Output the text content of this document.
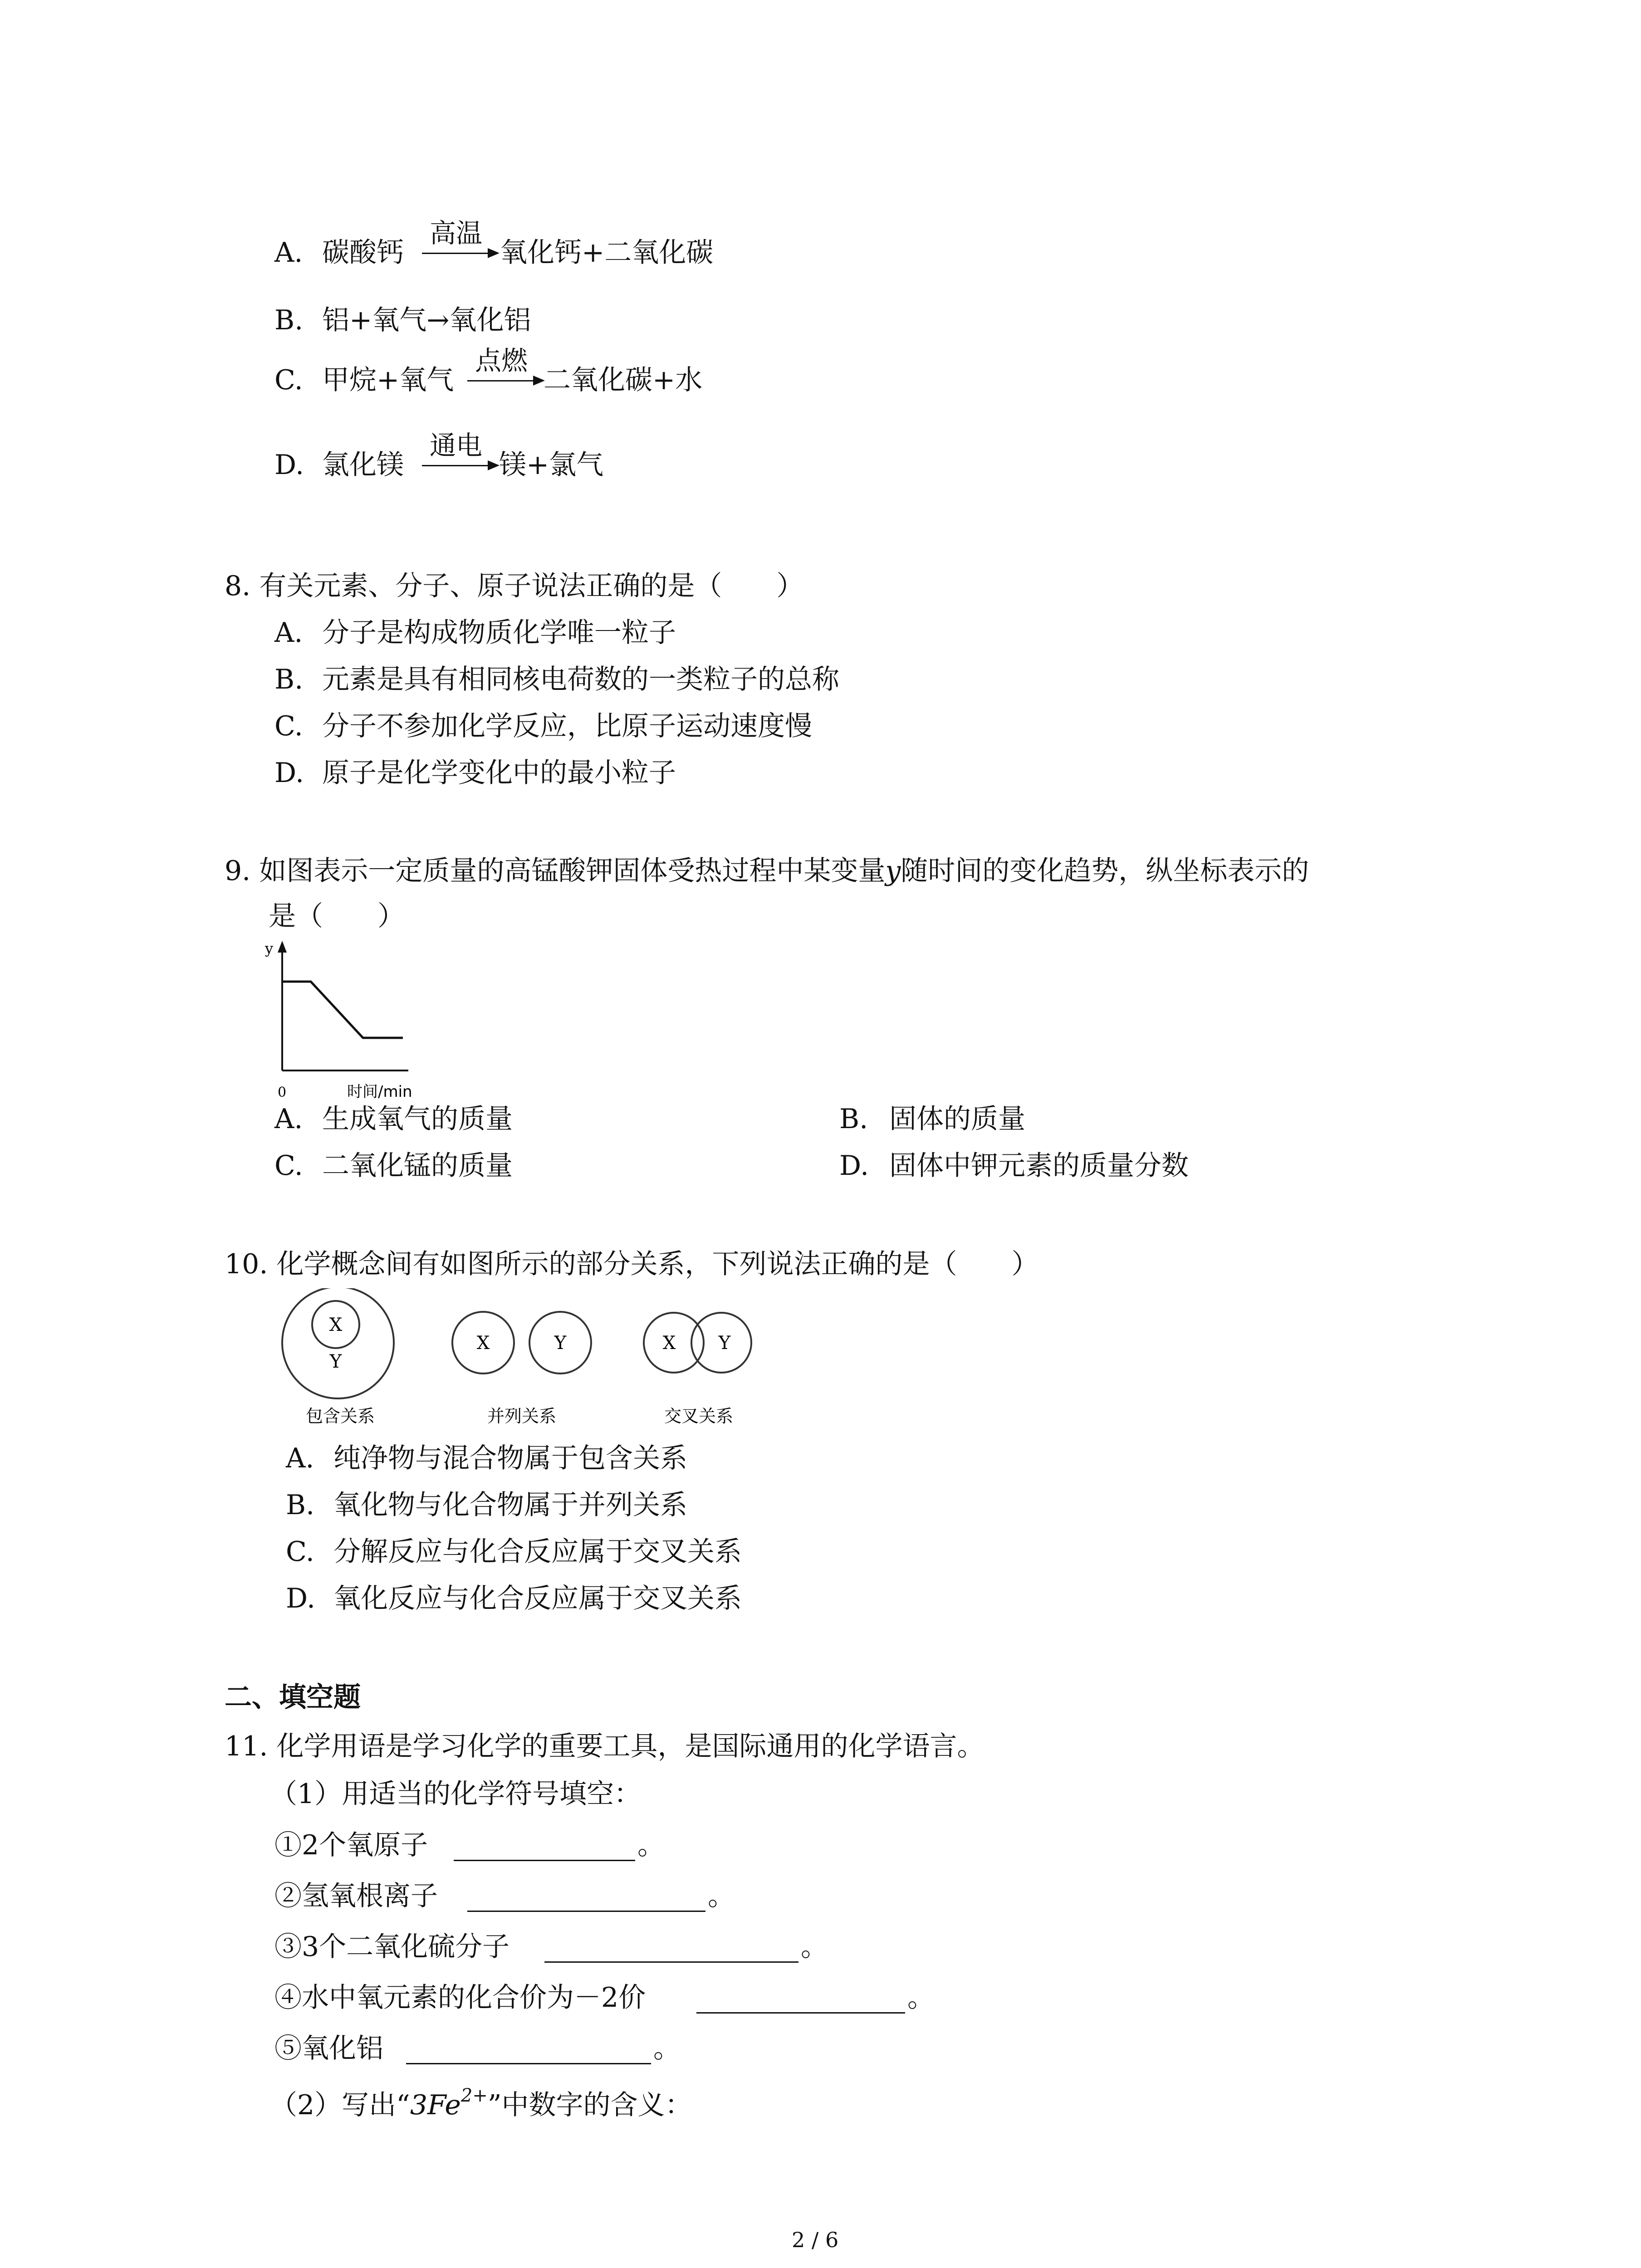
A. 碳酸钙
高温
氧化钙+二氧化碳
B. 铝+氧气→氧化铝
C. 甲烷+氧气
点燃
二氧化碳+水
D. 氯化镁
通电
镁+氯气
8. 有关元素、分子、原子说法正确的是（　　）
A. 分子是构成物质化学唯一粒子
B. 元素是具有相同核电荷数的一类粒子的总称
C. 分子不参加化学反应，比原子运动速度慢
D. 原子是化学变化中的最小粒子
9. 如图表示一定质量的高锰酸钾固体受热过程中某变量y随时间的变化趋势，纵坐标表示的
是（　　）
y
0	时间/min
A. 生成氧气的质量	B. 固体的质量
C. 二氧化锰的质量	D. 固体中钾元素的质量分数
10. 化学概念间有如图所示的部分关系，下列说法正确的是（　　）
X
Y
包含关系
X	Y
并列关系
X Y
交叉关系
A. 纯净物与混合物属于包含关系
B. 氧化物与化合物属于并列关系
C. 分解反应与化合反应属于交叉关系
D. 氧化反应与化合反应属于交叉关系
二、填空题
11. 化学用语是学习化学的重要工具，是国际通用的化学语言。
（1）用适当的化学符号填空：
①2个氧原子	。
②氢氧根离子	。
③3个二氧化硫分子	。
④水中氧元素的化合价为－2价	。
⑤氧化铝	。
（2）写出“$3Fe^{2+}$”中数字的含义：
2 / 6
